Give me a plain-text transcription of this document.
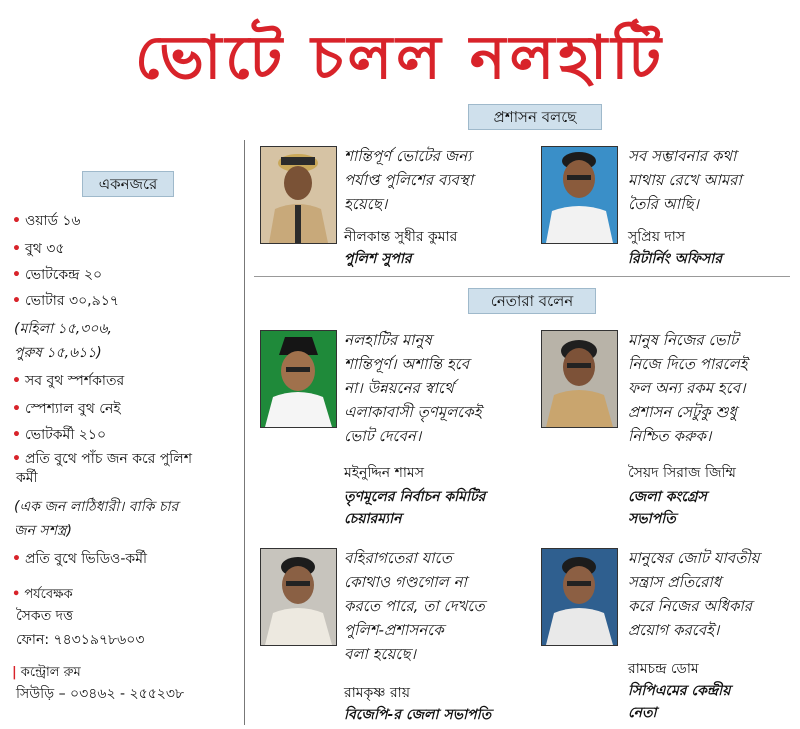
ভোটে চলল নলহাটি
প্রশাসন বলছে
নেতারা বলেন
একনজরে
• ওয়ার্ড ১৬
• বুথ ৩৫
• ভোটকেন্দ্র ২০
• ভোটার ৩০,৯১৭
(মহিলা ১৫,৩০৬,
পুরুষ ১৫,৬১১)
• সব বুথ স্পর্শকাতর
• স্পেশ্যাল বুথ নেই
• ভোটকর্মী ২১০
• প্রতি বুথে পাঁচ জন করে পুলিশ
কর্মী
(এক জন লাঠিধারী। বাকি চার
জন সশস্ত্র)
• প্রতি বুথে ভিডিও-কর্মী
• পর্যবেক্ষক
সৈকত দত্ত
ফোন: ৭৪৩১৯৭৮৬০৩
| কন্ট্রোল রুম
সিউড়ি – ০৩৪৬২ - ২৫৫২৩৮
শান্তিপূর্ণ ভোটের জন্য
পর্যাপ্ত পুলিশের ব্যবস্থা
হয়েছে।
নীলকান্ত সুধীর কুমার
পুলিশ সুপার
সব সম্ভাবনার কথা
মাথায় রেখে আমরা
তৈরি আছি।
সুপ্রিয় দাস
রিটার্নিং অফিসার
নলহাটির মানুষ
শান্তিপূর্ণ। অশান্তি হবে
না। উন্নয়নের স্বার্থে
এলাকাবাসী তৃণমূলকেই
ভোট দেবেন।
মইনুদ্দিন শামস
তৃণমূলের নির্বাচন কমিটির
চেয়ারম্যান
মানুষ নিজের ভোট
নিজে দিতে পারলেই
ফল অন্য রকম হবে।
প্রশাসন সেটুকু শুধু
নিশ্চিত করুক।
সৈয়দ সিরাজ জিম্মি
জেলা কংগ্রেস
সভাপতি
বহিরাগতেরা যাতে
কোথাও গণ্ডগোল না
করতে পারে, তা দেখতে
পুলিশ-প্রশাসনকে
বলা হয়েছে।
রামকৃষ্ণ রায়
বিজেপি-র জেলা সভাপতি
মানুষের জোট যাবতীয়
সন্ত্রাস প্রতিরোধ
করে নিজের অধিকার
প্রয়োগ করবেই।
রামচন্দ্র ডোম
সিপিএমের কেন্দ্রীয়
নেতা
